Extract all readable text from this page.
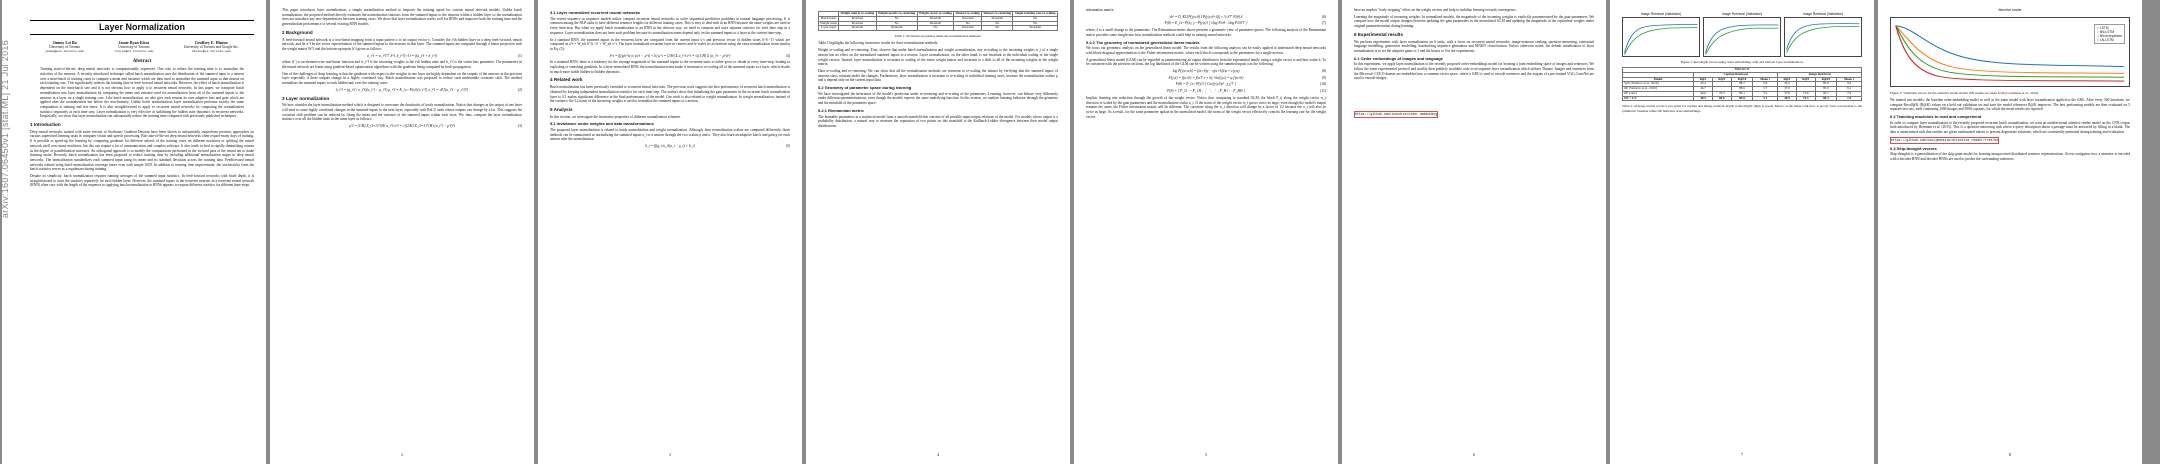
arXiv:1607.06450v1 [stat.ML] 21 Jul 2016
Layer Normalization
Jimmy Lei Ba
University of Toronto
jimmy@psi.toronto.edu
Jamie Ryan Kiros
University of Toronto
rkiros@cs.toronto.edu
Geoffrey E. Hinton
University of Toronto and Google Inc.
hinton@cs.toronto.edu
Abstract

Training state-of-the-art, deep neural networks is computationally expensive. One way to reduce the training time is to normalize the activities of the neurons. A recently introduced technique called batch normalization uses the distribution of the summed input to a neuron over a mini-batch of training cases to compute a mean and variance which are then used to normalize the summed input to that neuron on each training case. This significantly reduces the training time in feed-forward neural networks. However, the effect of batch normalization is dependent on the mini-batch size and it is not obvious how to apply it to recurrent neural networks. In this paper, we transpose batch normalization into layer normalization by computing the mean and variance used for normalization from all of the summed inputs to the neurons in a layer on a single training case. Like batch normalization, we also give each neuron its own adaptive bias and gain which are applied after the normalization but before the non-linearity. Unlike batch normalization, layer normalization performs exactly the same computation at training and test times. It is also straightforward to apply to recurrent neural networks by computing the normalization statistics separately at each time step. Layer normalization is very effective at stabilizing the hidden state dynamics in recurrent networks. Empirically, we show that layer normalization can substantially reduce the training time compared with previously published techniques.

1 Introduction

Deep neural networks trained with some version of Stochastic Gradient Descent have been shown to substantially outperform previous approaches on various supervised learning tasks in computer vision and speech processing. But state-of-the-art deep neural networks often require many days of training. It is possible to speed-up the learning by computing gradients for different subsets of the training cases on different machines or splitting the neural network itself over many machines, but this can require a lot of communication and complex software. It also tends to lead to rapidly diminishing returns as the degree of parallelization increases. An orthogonal approach is to modify the computations performed in the forward pass of the neural net to make learning easier. Recently, batch normalization has been proposed to reduce training time by including additional normalization stages in deep neural networks. The normalization standardizes each summed input using its mean and its standard deviation across the training data. Feedforward neural networks trained using batch normalization converge faster even with simple SGD. In addition to training time improvement, the stochasticity from the batch statistics serves as a regularizer during training.

Despite its simplicity, batch normalization requires running averages of the summed input statistics. In feed-forward networks with fixed depth, it is straightforward to store the statistics separately for each hidden layer. However, the summed inputs to the recurrent neurons in a recurrent neural network (RNN) often vary with the length of the sequence so applying batch normalization to RNNs appears to require different statistics for different time-steps.

This paper introduces layer normalization, a simple normalization method to improve the training speed for various neural network models. Unlike batch normalization, the proposed method directly estimates the normalization statistics from the summed inputs to the neurons within a hidden layer so the normalization does not introduce any new dependencies between training cases. We show that layer normalization works well for RNNs and improves both the training time and the generalization performance of several existing RNN models.

2 Background

A feed-forward neural network is a non-linear mapping from a input pattern x to an output vector y. Consider the l-th hidden layer in a deep feed-forward, neural network, and let a^l be the vector representation of the summed inputs to the neurons in that layer. The summed inputs are computed through a linear projection with the weight matrix W^l and the bottom-up inputs h^l given as follows:

a_i^l = w_i^l⊤ h^l, h_i^{l+1} = f(a_i^l + b_i^l)	(1)

where f(·) is an element-wise non-linear function and w_i^l is the incoming weights to the i-th hidden units and b_i^l is the scalar bias parameter. The parameters in the neural network are learnt using gradient-based optimization algorithms with the gradients being computed by back-propagation.

One of the challenges of deep learning is that the gradients with respect to the weights in one layer are highly dependent on the outputs of the neurons in the previous layer especially if these outputs change in a highly correlated way. Batch normalization was proposed to reduce such undesirable covariate shift. The method normalizes the summed inputs to each hidden unit over the training cases.

ā_i^l = (g_i^l / σ_i^l)(a_i^l − μ_i^l) μ_i^l = E_{x∼P(x)}[a_i^l] σ_i^l = √E[(a_i^l − μ_i^l)²]	(2)
3 Layer normalization

We now consider the layer normalization method which is designed to overcome the drawbacks of batch normalization. Notice that changes in the output of one layer will tend to cause highly correlated changes in the summed inputs to the next layer, especially with ReLU units whose outputs can change by a lot. This suggests the covariate shift problem can be reduced by fixing the mean and the variance of the summed inputs within each layer. We, thus, compute the layer normalization statistics over all the hidden units in the same layer as follows:

μ^l = (1/H) Σ_{i=1}^{H} a_i^l σ^l = √((1/H) Σ_{i=1}^{H} (a_i^l − μ^l)²)	(3)
2
3.1 Layer normalized recurrent neural networks

The recent sequence to sequence models utilize compact recurrent neural networks to solve sequential prediction problems in natural language processing. It is common among the NLP tasks to have different sentence lengths for different training cases. This is easy to deal with in an RNN because the same weights are used at every time-step. But when we apply batch normalization to an RNN in the obvious way, we need to compute and store separate statistics for each time step in a sequence. Layer normalization does not have such problem because its normalization terms depend only on the summed inputs to a layer at the current time-step.

In a standard RNN, the summed inputs in the recurrent layer are computed from the current input x^t and previous vector of hidden states h^{t−1} which are computed as a^t = W_hh h^{t−1} + W_xh x^t. The layer normalized recurrent layer re-centers and re-scales its activations using the extra normalization terms similar to Eq. (3):

h^t = f[(g/σ^t) ⊙ (a^t − μ^t) + b] μ^t = (1/H) Σ a_i^t σ^t = √((1/H) Σ (a_i^t − μ^t)²)	(4)

In a standard RNN, there is a tendency for the average magnitude of the summed inputs to the recurrent units to either grow or shrink at every time-step, leading to exploding or vanishing gradients. In a layer normalized RNN, the normalization terms make it invariant to re-scaling all of the summed inputs to a layer, which results in much more stable hidden-to-hidden dynamics.

4 Related work

Batch normalization has been previously extended to recurrent neural networks. The previous work suggests the best performance of recurrent batch normalization is obtained by keeping independent normalization statistics for each time-step. The authors show that initializing the gain parameter in the recurrent batch normalization layer to 0.1 makes significant difference in the final performance of the model. Our work is also related to weight normalization. In weight normalization, instead of the variance, the L2 norm of the incoming weights is used to normalize the summed inputs to a neuron.

5 Analysis

In this section, we investigate the invariance properties of different normalization schemes.

5.1 Invariance under weights and data transformations

The proposed layer normalization is related to batch normalization and weight normalization. Although, their normalization scalars are computed differently, these methods can be summarized as normalizing the summed inputs a_i to a neuron through the two scalars μ and σ. They also learn an adaptive bias b and gain g for each neuron after the normalization.

h_i = f((g_i/σ_i)(a_i − μ_i) + b_i)	(5)
3
	Weight matrix re-scaling	Weight matrix re-centering	Weight vector re-scaling	Dataset re-scaling	Dataset re-centering	Single training case re-scaling
Batch norm	Invariant	No	Invariant	Invariant	Invariant	No
Weight norm	Invariant	No	Invariant	No	No	No
Layer norm	Invariant	Invariant	No	Invariant	No	Invariant
Table 1: Invariance properties under the normalization methods.

Table 1 highlights the following invariance results for three normalization methods.

Weight re-scaling and re-centering: First, observe that under batch normalization and weight normalization, any re-scaling to the incoming weights w_i of a single neuron has no effect on the normalized summed inputs to a neuron. Layer normalization, on the other hand, is not invariant to the individual scaling of the single weight vectors. Instead, layer normalization is invariant to scaling of the entire weight matrix and invariant to a shift to all of the incoming weights in the weight matrix.

Data re-scaling and re-centering: We can show that all the normalization methods are invariant to re-scaling the dataset by verifying that the summed inputs of neurons stays constant under the changes. Furthermore, layer normalization is invariant to re-scaling of individual training cases, because the normalization scalars μ and σ depend only on the current input data.

5.2 Geometry of parameter space during learning

We have investigated the invariance of the model's prediction under re-centering and re-scaling of the parameters. Learning, however, can behave very differently under different parameterizations, even though the models express the same underlying function. In this section, we analyze learning behavior through the geometry and the manifold of the parameter space.

5.2.1 Riemannian metric

The learnable parameters in a statistical model form a smooth manifold that consists of all possible input-output relations of the model. For models whose output is a probability distribution, a natural way to measure the separation of two points on this manifold is the Kullback-Leibler divergence between their model output distributions.

4

information matrix:

ds² = D_KL[P(y|x;θ) ‖ P(y|x;θ+δ)] ≈ ½ δ⊤ F(θ) δ	(6)
F(θ) = E_{x∼P(x), y∼P(y|x)} [ ∂log P/∂θ · ∂log P/∂θ⊤ ]	(7)

where, δ is a small change to the parameters. The Riemannian metric above presents a geometric view of parameter spaces. The following analysis of the Riemannian metric provides some insight into how normalization methods could help in training neural networks.

5.2.2 The geometry of normalized generalized linear models

We focus our geometric analysis on the generalized linear model. The results from the following analysis can be easily applied to understand deep neural networks with block-diagonal approximation to the Fisher information matrix, where each block corresponds to the parameters for a single neuron.

A generalized linear model (GLM) can be regarded as parameterizing an output distribution from the exponential family using a weight vector w and bias scalar b. To be consistent with the previous sections, the log likelihood of the GLM can be written using the summed inputs a as the following:

log P(y|x;w,b) = ((a+b)y − η(a+b))/φ + c(y,φ)	(8)
E[y|x] = f(a+b) = f(w⊤x + b), Var[y|x] = φ f′(a+b)	(9)
F(θ) = E_{x∼P(x)} [ Cov[y|x]/φ² · χ χ⊤ ]	(10)
F̄(θ) = [ F̄_11 ⋯ F̄_1H ; ⋮ ⋱ ⋮ ; F̄_H1 ⋯ F̄_HH ]	(11)

Implicit learning rate reduction through the growth of the weight vector: Notice that, comparing to standard GLM, the block F_ij along the weight vector w_i direction is scaled by the gain parameters and the normalization scalar σ_i. If the norm of the weight vector w_i grows twice as large, even though the model's output remains the same, the Fisher information matrix will be different. The curvature along the w_i direction will change by a factor of 1/2 because the σ_i will also be twice as large. As a result, for the same parameter update in the normalized model, the norm of the weight vector effectively controls the learning rate for the weight vector.

5

have an implicit "early stopping" effect on the weight vectors and help to stabilize learning towards convergence.

Learning the magnitude of incoming weights: In normalized models, the magnitude of the incoming weights is explicitly parameterized by the gain parameters. We compare how the model output changes between updating the gain parameters in the normalized GLM and updating the magnitude of the equivalent weights under original parameterization during learning.

6 Experimental results

We perform experiments with layer normalization on 6 tasks, with a focus on recurrent neural networks: image-sentence ranking, question-answering, contextual language modelling, generative modelling, handwriting sequence generation and MNIST classification. Unless otherwise noted, the default initialization of layer normalization is to set the adaptive gains to 1 and the biases to 0 in the experiments.

6.1 Order embeddings of images and language

In this experiment, we apply layer normalization to the recently proposed order-embeddings model for learning a joint embedding space of images and sentences. We follow the same experimental protocol and modify their publicly available code to incorporate layer normalization which utilizes Theano. Images and sentences from the Microsoft COCO dataset are embedded into a common vector space, where a GRU is used to encode sentences and the outputs of a pre-trained VGG ConvNet are used to encode images.

https://github.com/ivendrov/order-embedding
6
Image Retrieval (Validation)	Image Retrieval (Validation)	Image Retrieval (Validation)
Figure 1: Recall@K curves using order-embeddings with and without layer normalization.
MSCOCO								
	Caption Retrieval				Image Retrieval			
Model	R@1	R@5	R@10	Mean r	R@1	R@5	R@10	Mean r
Sym [Vendrov et al., 2016]	45.4		88.7	5.8	36.3		85.8	9.0
OE [Vendrov et al., 2016]	46.7		88.9	5.7	37.9		85.9	8.1
OE (ours)	46.6	79.3	89.1	5.2	37.8	73.6	85.7	7.9
OE + LN	48.5	80.6	89.8	5.1	38.9	74.3	86.3	7.6
Table 2: Average results across 5 test splits for caption and image retrieval. R@K is Recall@K (high is good). Mean r is the mean rank (low is good). Sym corresponds to the symmetric baseline while OE indicates order-embeddings.
7
Attentive reader
━ LSTM
━ BN-LSTM
━ BN-everywhere
━ LN-LSTM
Figure 2: Validation curves for the attentive reader model. BN results are taken from [Cooijmans et al., 2016].

We trained two models: the baseline order-embedding model as well as the same model with layer normalization applied to the GRU. After every 300 iterations, we compute Recall@K (R@K) values on a held out validation set and save the model whenever R@K improves. The best performing models are then evaluated on 5 separate test sets, each containing 1000 images and 5000 captions, for which the mean results are reported.

6.2 Teaching machines to read and comprehend

In order to compare layer normalization to the recently proposed recurrent batch normalization, we train an unidirectional attentive reader model on the CNN corpus both introduced by Hermann et al. (2015). This is a question-answering task where a query description about a passage must be answered by filling in a blank. The data is anonymized such that entities are given randomized tokens to prevent degenerate solutions, which are consistently permuted during training and evaluation.

https://github.com/cooijmanstim/Attentive_reader/tree/bn
6.3 Skip-thought vectors

Skip-thoughts is a generalization of the skip-gram model for learning unsupervised distributed sentence representations. Given contiguous text, a sentence is encoded with a encoder RNN and decoder RNNs are used to predict the surrounding sentences.

8
